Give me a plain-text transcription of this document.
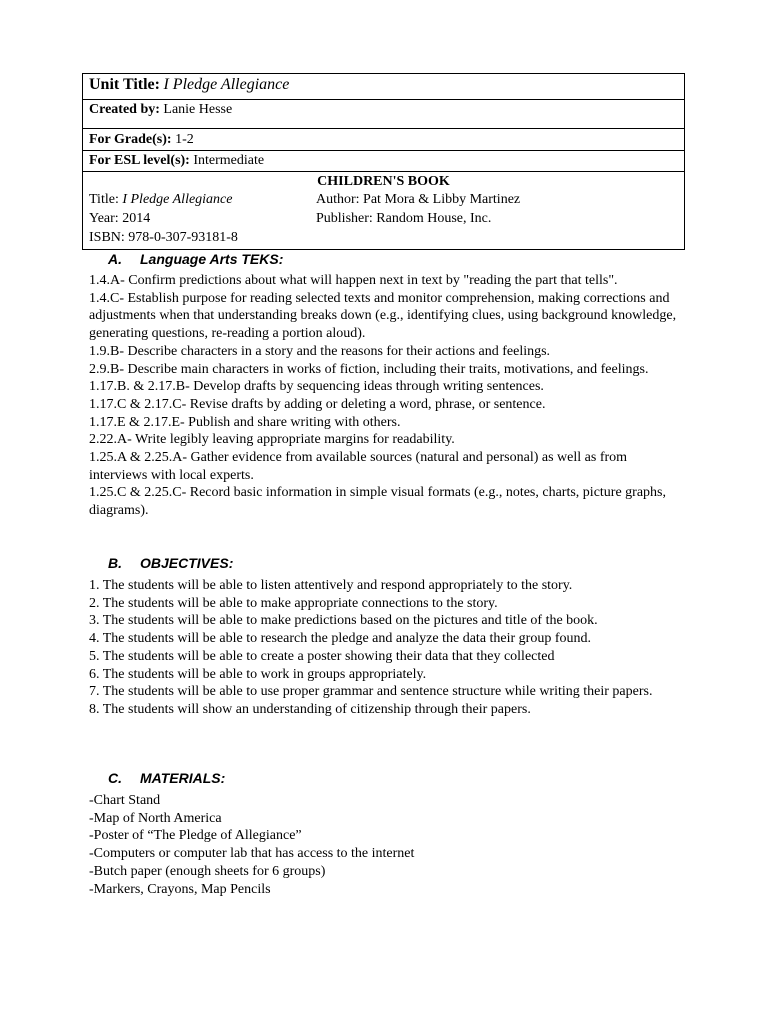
Unit Title: I Pledge Allegiance
Created by: Lanie Hesse
For Grade(s): 1-2
For ESL level(s): Intermediate

CHILDREN'S BOOK
Title: I Pledge Allegiance	Author: Pat Mora & Libby Martinez
Year: 2014	Publisher: Random House, Inc.
ISBN: 978-0-307-93181-8
A. Language Arts TEKS:
1.4.A- Confirm predictions about what will happen next in text by "reading the part that tells".
1.4.C- Establish purpose for reading selected texts and monitor comprehension, making corrections and adjustments when that understanding breaks down (e.g., identifying clues, using background knowledge, generating questions, re-reading a portion aloud).
1.9.B- Describe characters in a story and the reasons for their actions and feelings.
2.9.B- Describe main characters in works of fiction, including their traits, motivations, and feelings.
1.17.B. & 2.17.B- Develop drafts by sequencing ideas through writing sentences.
1.17.C & 2.17.C- Revise drafts by adding or deleting a word, phrase, or sentence.
1.17.E & 2.17.E- Publish and share writing with others.
2.22.A- Write legibly leaving appropriate margins for readability.
1.25.A & 2.25.A- Gather evidence from available sources (natural and personal) as well as from interviews with local experts.
1.25.C & 2.25.C- Record basic information in simple visual formats (e.g., notes, charts, picture graphs, diagrams).
B. OBJECTIVES:
1. The students will be able to listen attentively and respond appropriately to the story.
2. The students will be able to make appropriate connections to the story.
3. The students will be able to make predictions based on the pictures and title of the book.
4. The students will be able to research the pledge and analyze the data their group found.
5. The students will be able to create a poster showing their data that they collected
6. The students will be able to work in groups appropriately.
7. The students will be able to use proper grammar and sentence structure while writing their papers.
8. The students will show an understanding of citizenship through their papers.
C. MATERIALS:
-Chart Stand
-Map of North America
-Poster of “The Pledge of Allegiance”
-Computers or computer lab that has access to the internet
-Butch paper (enough sheets for 6 groups)
-Markers, Crayons, Map Pencils
